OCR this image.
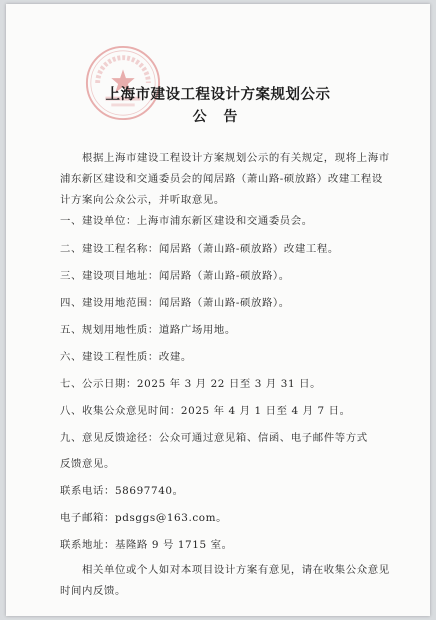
上海市建设工程设计方案规划公示
公 告
根据上海市建设工程设计方案规划公示的有关规定，现将上海市浦东新区建设和交通委员会的闻居路（萧山路-硕放路）改建工程设计方案向公众公示，并听取意见。
一、建设单位：上海市浦东新区建设和交通委员会。
二、建设工程名称：闻居路（萧山路-硕放路）改建工程。
三、建设项目地址：闻居路（萧山路-硕放路）。
四、建设用地范围：闻居路（萧山路-硕放路）。
五、规划用地性质：道路广场用地。
六、建设工程性质：改建。
七、公示日期：2025 年 3 月 22 日至 3 月 31 日。
八、收集公众意见时间：2025 年 4 月 1 日至 4 月 7 日。
九、意见反馈途径：公众可通过意见箱、信函、电子邮件等方式
反馈意见。
联系电话：58697740。
电子邮箱：pdsggs@163.com。
联系地址：基隆路 9 号 1715 室。
相关单位或个人如对本项目设计方案有意见，请在收集公众意见时间内反馈。
